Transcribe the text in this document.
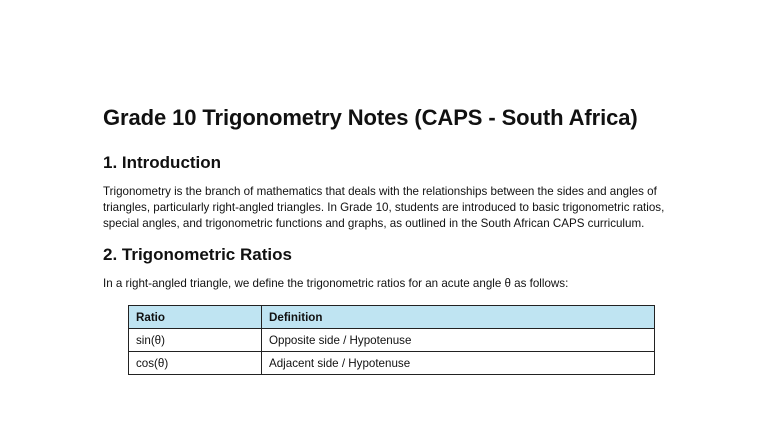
Grade 10 Trigonometry Notes (CAPS - South Africa)
1. Introduction

Trigonometry is the branch of mathematics that deals with the relationships between the sides and angles of triangles, particularly right-angled triangles. In Grade 10, students are introduced to basic trigonometric ratios, special angles, and trigonometric functions and graphs, as outlined in the South African CAPS curriculum.

2. Trigonometric Ratios

In a right-angled triangle, we define the trigonometric ratios for an acute angle θ as follows:

Ratio	Definition
sin(θ)	Opposite side / Hypotenuse
cos(θ)	Adjacent side / Hypotenuse
